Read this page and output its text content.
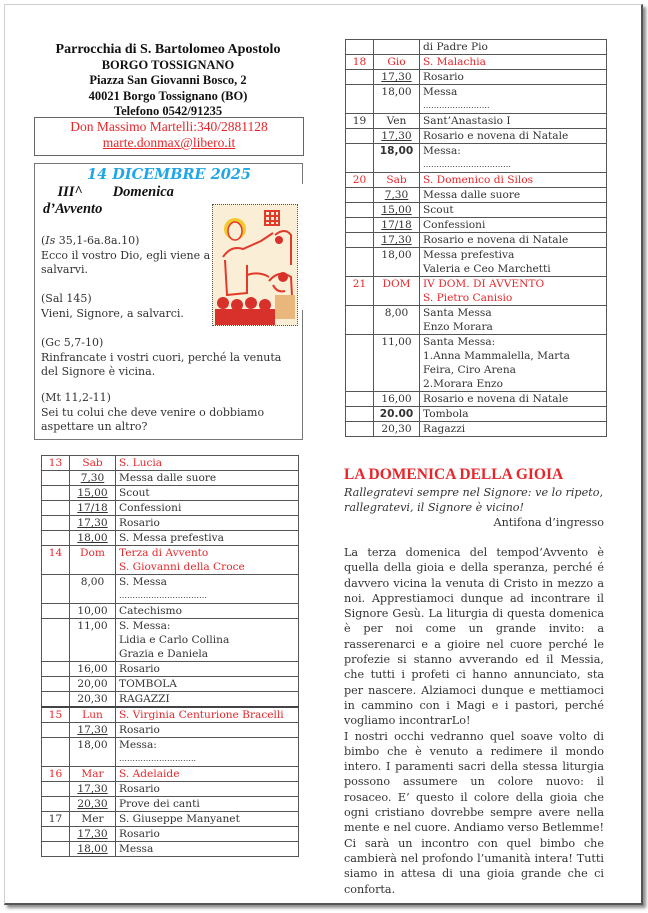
Parrocchia di S. Bartolomeo Apostolo
BORGO TOSSIGNANO
Piazza San Giovanni Bosco, 2
40021 Borgo Tossignano (BO)
Telefono 0542/91235
Don Massimo Martelli:340/2881128
marte.donmax@libero.it
14 DICEMBRE 2025
III^ Domenica
d’Avvento
(Is 35,1-6a.8a.10)
Ecco il vostro Dio, egli viene a salvarvi.
(Sal 145)
Vieni, Signore, a salvarci.
(Gc 5,7-10)
Rinfrancate i vostri cuori, perché la venuta del Signore è vicina.
(Mt 11,2-11)
Sei tu colui che deve venire o dobbiamo aspettare un altro?
13	Sab	S. Lucia

	7,30	Messa dalle suore

	15,00	Scout

	17/18	Confessioni

	17,30	Rosario

	18,00	S. Messa prefestiva

14	Dom	Terza di Avvento
S. Giovanni della Croce

	8,00	S. Messa
……………………………

	10,00	Catechismo

	11,00	S. Messa:
Lidia e Carlo Collina
Grazia e Daniela

	16,00	Rosario

	20,00	TOMBOLA

	20,30	RAGAZZI

15	Lun	S. Virginia Centurione Bracelli

	17,30	Rosario

	18,00	Messa:
………………………..

16	Mar	S. Adelaide

	17,30	Rosario

	20,30	Prove dei canti

17	Mer	S. Giuseppe Manyanet

	17,30	Rosario

	18,00	Messa

		di Padre Pio

18	Gio	S. Malachia

	17,30	Rosario

	18,00	Messa
…………………….

19	Ven	Sant’Anastasio I

	17,30	Rosario e novena di Natale

	18,00	Messa:
……………………………

20	Sab	S. Domenico di Silos

	7,30	Messa dalle suore

	15,00	Scout

	17/18	Confessioni

	17,30	Rosario e novena di Natale

	18,00	Messa prefestiva
Valeria e Ceo Marchetti

21	DOM	IV DOM. DI AVVENTO
S. Pietro Canisio

	8,00	Santa Messa
Enzo Morara

	11,00	Santa Messa:
1.Anna Mammalella, Marta
Feira, Ciro Arena
2.Morara Enzo

	16,00	Rosario e novena di Natale

	20.00	Tombola

	20,30	Ragazzi
LA DOMENICA DELLA GIOIA
Rallegratevi sempre nel Signore: ve lo ripeto, rallegratevi, il Signore è vicino!
Antifona d’ingresso

La terza domenica del tempod’Avvento è quella della gioia e della speranza, perché é davvero vicina la venuta di Cristo in mezzo a noi. Apprestiamoci dunque ad incontrare il Signore Gesù. La liturgia di questa domenica è per noi come un grande invito: a rasserenarci e a gioire nel cuore perché le profezie si stanno avverando ed il Messia, che tutti i profeti ci hanno annunciato, sta per nascere. Alziamoci dunque e mettiamoci in cammino con i Magi e i pastori, perché vogliamo incontrarLo!

I nostri occhi vedranno quel soave volto di bimbo che è venuto a redimere il mondo intero. I paramenti sacri della stessa liturgia possono assumere un colore nuovo: il rosaceo. E’ questo il colore della gioia che ogni cristiano dovrebbe sempre avere nella mente e nel cuore. Andiamo verso Betlemme! Ci sarà un incontro con quel bimbo che cambierà nel profondo l’umanità intera! Tutti siamo in attesa di una gioia grande che ci conforta.
